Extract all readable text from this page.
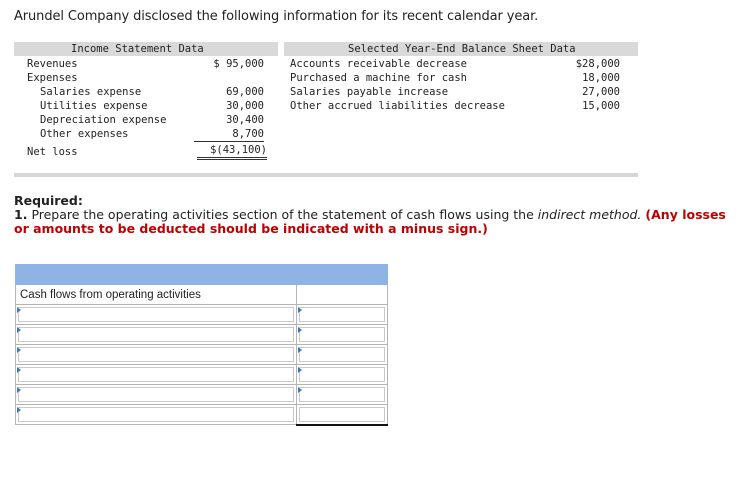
Arundel Company disclosed the following information for its recent calendar year.
Income Statement Data
Revenues	$ 95,000
Expenses
Salaries expense	69,000
Utilities expense	30,000
Depreciation expense	30,400
Other expenses	8,700
Net loss	$(43,100)
Selected Year-End Balance Sheet Data
Accounts receivable decrease	$28,000
Purchased a machine for cash	18,000
Salaries payable increase	27,000
Other accrued liabilities decrease	15,000
Required:
1. Prepare the operating activities section of the statement of cash flows using the indirect method. (Any losses or amounts to be deducted should be indicated with a minus sign.)

Cash flows from operating activities	
